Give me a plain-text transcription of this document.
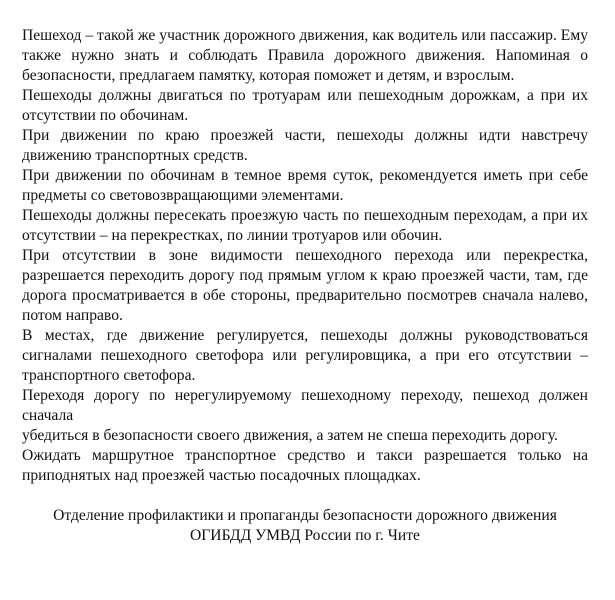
Пешеход – такой же участник дорожного движения, как водитель или пассажир. Ему также нужно знать и соблюдать Правила дорожного движения. Напоминая о безопасности, предлагаем памятку, которая поможет и детям, и взрослым.

Пешеходы должны двигаться по тротуарам или пешеходным дорожкам, а при их отсутствии по обочинам.

При движении по краю проезжей части, пешеходы должны идти навстречу движению транспортных средств.

При движении по обочинам в темное время суток, рекомендуется иметь при себе предметы со световозвращающими элементами.

Пешеходы должны пересекать проезжую часть по пешеходным переходам, а при их отсутствии – на перекрестках, по линии тротуаров или обочин.

При отсутствии в зоне видимости пешеходного перехода или перекрестка, разрешается переходить дорогу под прямым углом к краю проезжей части, там, где дорога просматривается в обе стороны, предварительно посмотрев сначала налево, потом направо.

В местах, где движение регулируется, пешеходы должны руководствоваться сигналами пешеходного светофора или регулировщика, а при его отсутствии – транспортного светофора.

Переходя дорогу по нерегулируемому пешеходному переходу, пешеход должен сначала

убедиться в безопасности своего движения, а затем не спеша переходить дорогу.

Ожидать маршрутное транспортное средство и такси разрешается только на приподнятых над проезжей частью посадочных площадках.

Отделение профилактики и пропаганды безопасности дорожного движения

ОГИБДД УМВД России по г. Чите
